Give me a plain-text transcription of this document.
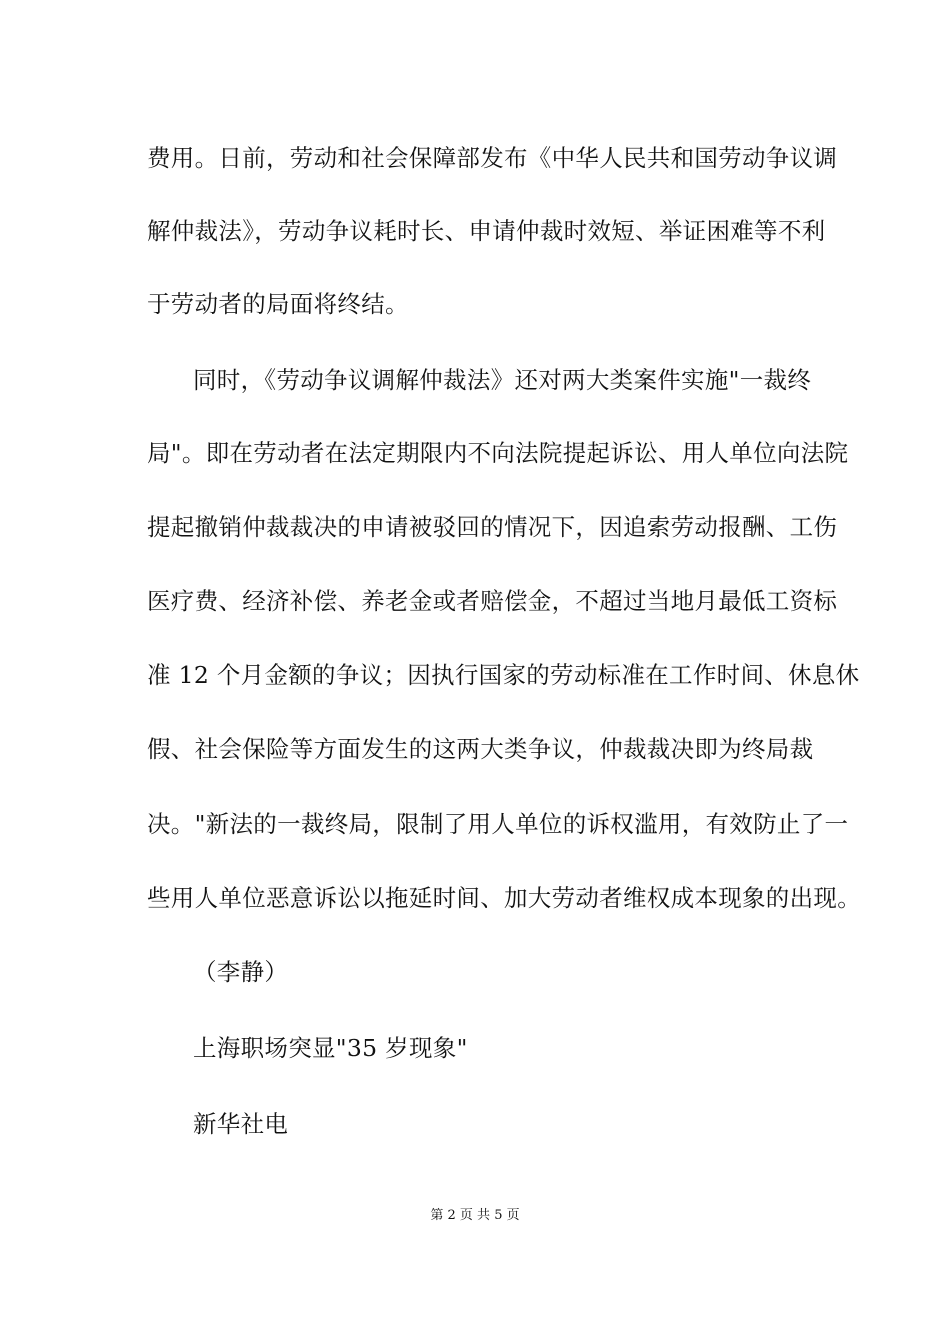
费用。日前，劳动和社会保障部发布《中华人民共和国劳动争议调
解仲裁法》，劳动争议耗时长、申请仲裁时效短、举证困难等不利
于劳动者的局面将终结。
同时，《劳动争议调解仲裁法》还对两大类案件实施"一裁终
局"。即在劳动者在法定期限内不向法院提起诉讼、用人单位向法院
提起撤销仲裁裁决的申请被驳回的情况下，因追索劳动报酬、工伤
医疗费、经济补偿、养老金或者赔偿金，不超过当地月最低工资标
准 12 个月金额的争议；因执行国家的劳动标准在工作时间、休息休
假、社会保险等方面发生的这两大类争议，仲裁裁决即为终局裁
决。"新法的一裁终局，限制了用人单位的诉权滥用，有效防止了一
些用人单位恶意诉讼以拖延时间、加大劳动者维权成本现象的出现。
（李静）
上海职场突显"35 岁现象"
新华社电
第 2 页 共 5 页
